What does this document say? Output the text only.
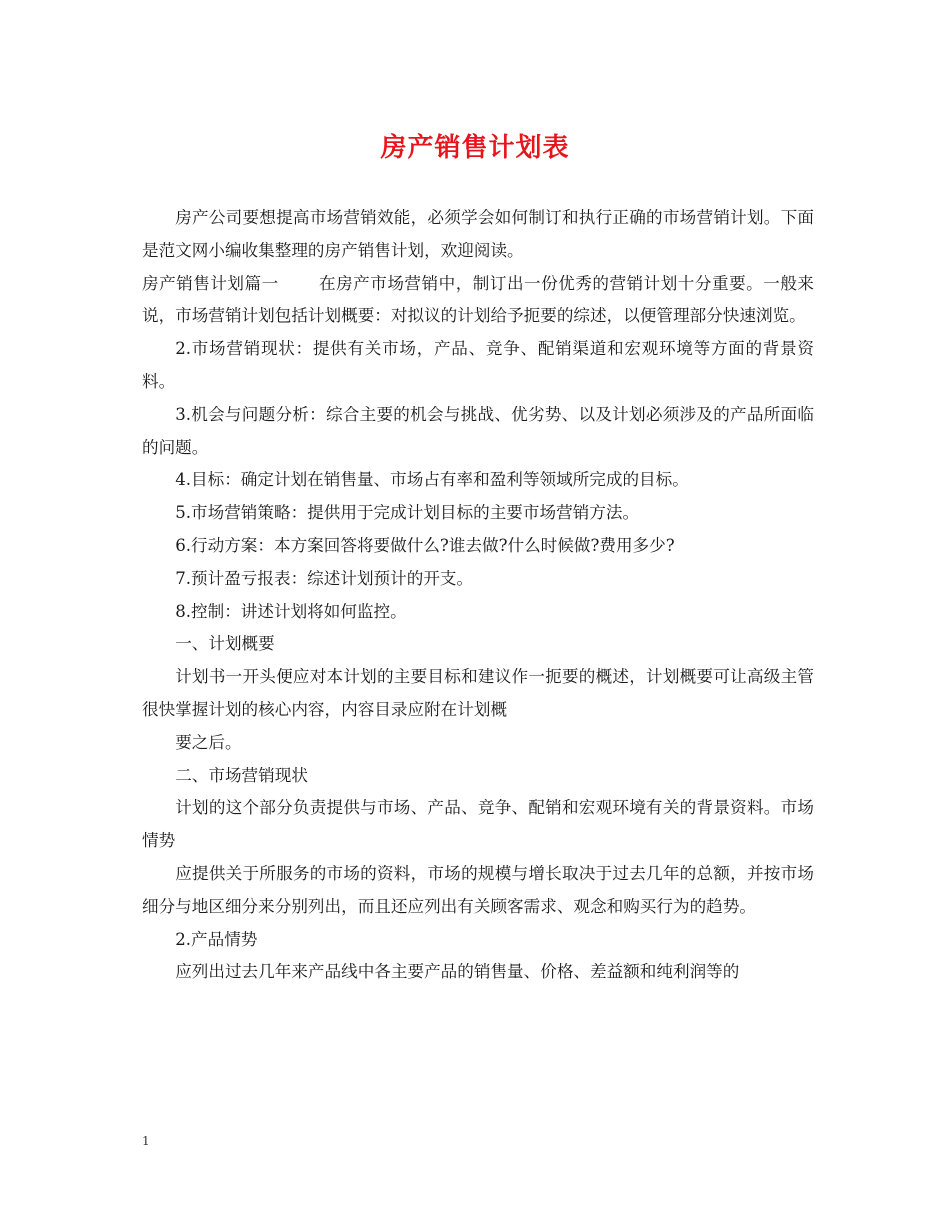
房产销售计划表

房产公司要想提高市场营销效能，必须学会如何制订和执行正确的市场营销计划。下面是范文网小编收集整理的房产销售计划，欢迎阅读。

房产销售计划篇一 在房产市场营销中，制订出一份优秀的营销计划十分重要。一般来说，市场营销计划包括计划概要：对拟议的计划给予扼要的综述，以便管理部分快速浏览。

2.市场营销现状：提供有关市场，产品、竞争、配销渠道和宏观环境等方面的背景资料。

3.机会与问题分析：综合主要的机会与挑战、优劣势、以及计划必须涉及的产品所面临的问题。

4.目标：确定计划在销售量、市场占有率和盈利等领域所完成的目标。

5.市场营销策略：提供用于完成计划目标的主要市场营销方法。

6.行动方案：本方案回答将要做什么?谁去做?什么时候做?费用多少?

7.预计盈亏报表：综述计划预计的开支。

8.控制：讲述计划将如何监控。

一、计划概要

计划书一开头便应对本计划的主要目标和建议作一扼要的概述，计划概要可让高级主管很快掌握计划的核心内容，内容目录应附在计划概

要之后。

二、市场营销现状

计划的这个部分负责提供与市场、产品、竞争、配销和宏观环境有关的背景资料。市场情势

应提供关于所服务的市场的资料，市场的规模与增长取决于过去几年的总额，并按市场细分与地区细分来分别列出，而且还应列出有关顾客需求、观念和购买行为的趋势。

2.产品情势

应列出过去几年来产品线中各主要产品的销售量、价格、差益额和纯利润等的

1
